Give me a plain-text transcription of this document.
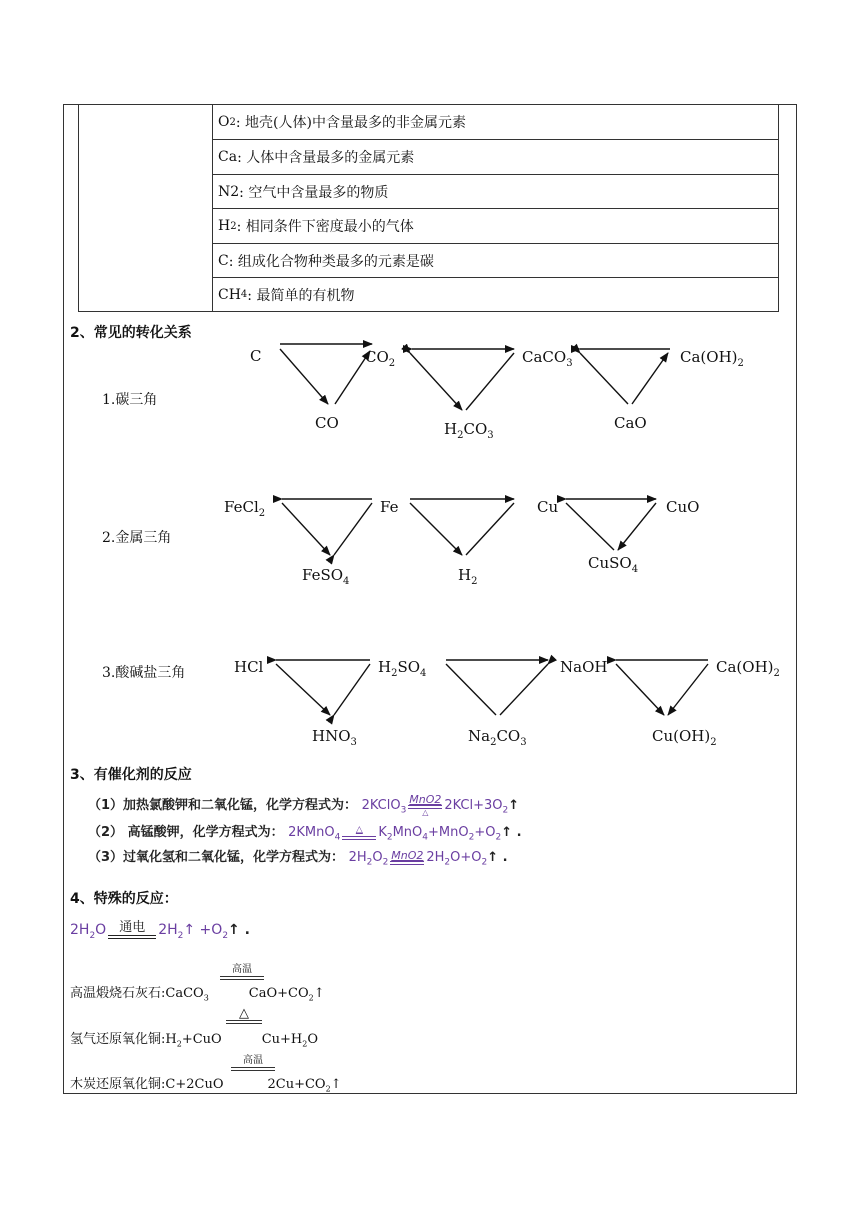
O 2 : 地壳(人体)中含量最多的非金属元素
Ca : 人体中含量最多的金属元素
N2 : 空气中含量最多的物质
H 2 : 相同条件下密度最小的气体
C : 组成化合物种类最多的元素是碳
CH 4 : 最简单的有机物
2、常见的转化关系
1.碳三角
C	$CO_2$
CO	$H_2CO_3$
CaCO$_3$
CaO
$Ca(OH)_2$
2.金属三角
FeCl$_2$	Fe
FeSO$_4$	$H_2$
Cu	CuO
CuSO$_4$
3.酸碱盐三角	HCl	$H_2SO_4$
$HNO_3$
NaOH
$Na_2CO_3$
$Ca(OH)_2$
$Cu(OH)_2$
3、有催化剂的反应
（1）加热氯酸钾和二氧化锰，化学方程式为： 2KClO$_3$
MnO2
△	$2KCl+3O_2↑$
（2） 高锰酸钾，化学方程式为： 2KMnO$_4$
△	$K_2MnO_4+MnO_2+O_2↑$ .
（3）过氧化氢和二氧化锰，化学方程式为： $2H_2O_2$
MnO2 $2H_2O+O_2↑$ .
4、特殊的反应：
$2H_2O$ 通电 $2H_2↑$ $+O_2↑$ .
高温煅烧石灰石:CaCO$_3$	$CaO+CO_2↑$
高温
氢气还原氧化铜$:H_2+CuO$	$Cu+H_2O$
△
木炭还原氧化铜:C+2CuO	$2Cu+CO_2↑$
高温
